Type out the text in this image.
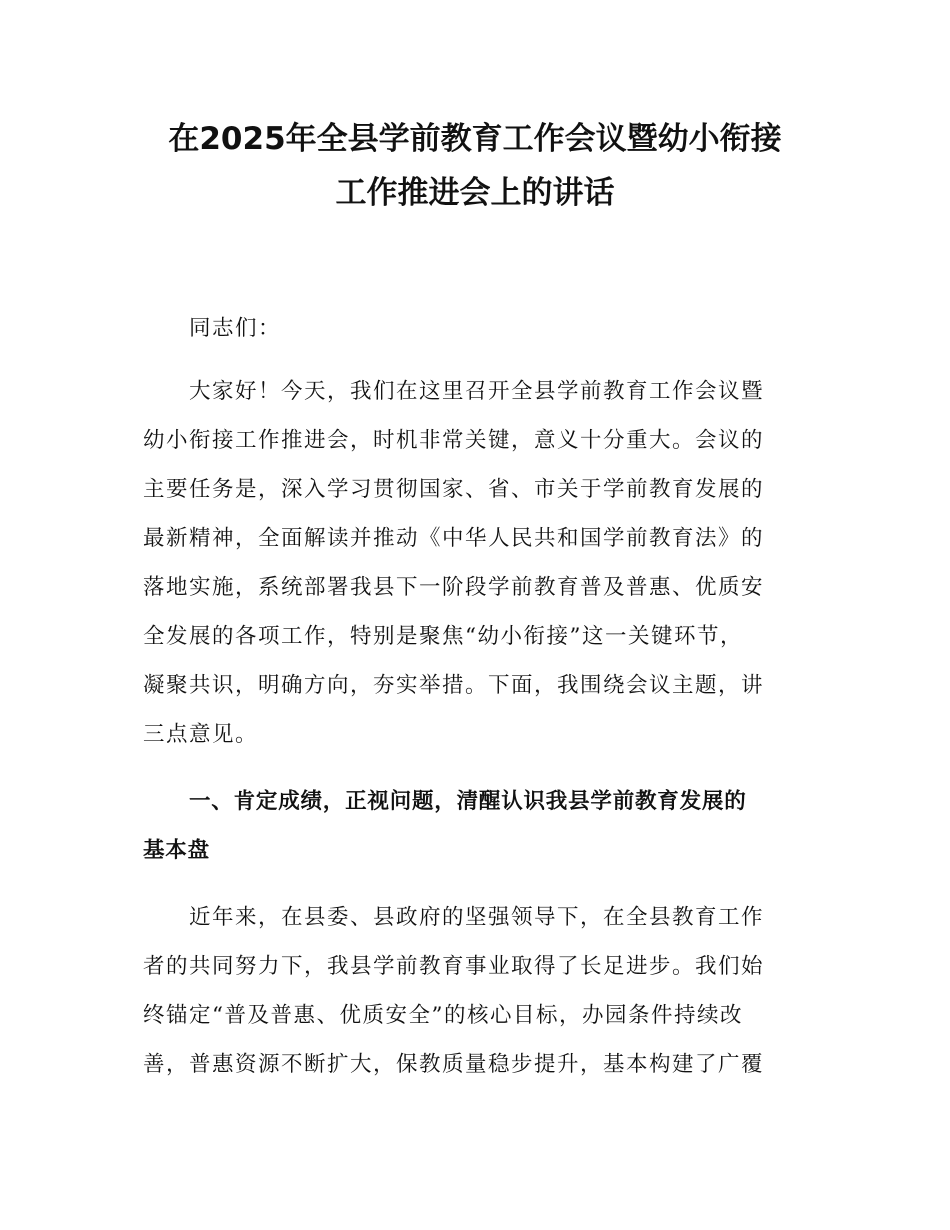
在2025年全县学前教育工作会议暨幼小衔接
工作推进会上的讲话

同志们：

大家好！今天，我们在这里召开全县学前教育工作会议暨
幼小衔接工作推进会，时机非常关键，意义十分重大。会议的
主要任务是，深入学习贯彻国家、省、市关于学前教育发展的
最新精神，全面解读并推动《中华人民共和国学前教育法》的
落地实施，系统部署我县下一阶段学前教育普及普惠、优质安
全发展的各项工作，特别是聚焦“幼小衔接”这一关键环节，
凝聚共识，明确方向，夯实举措。下面，我围绕会议主题，讲
三点意见。
一、肯定成绩，正视问题，清醒认识我县学前教育发展的
基本盘
近年来，在县委、县政府的坚强领导下，在全县教育工作
者的共同努力下，我县学前教育事业取得了长足进步。我们始
终锚定“普及普惠、优质安全”的核心目标，办园条件持续改
善，普惠资源不断扩大，保教质量稳步提升，基本构建了广覆
